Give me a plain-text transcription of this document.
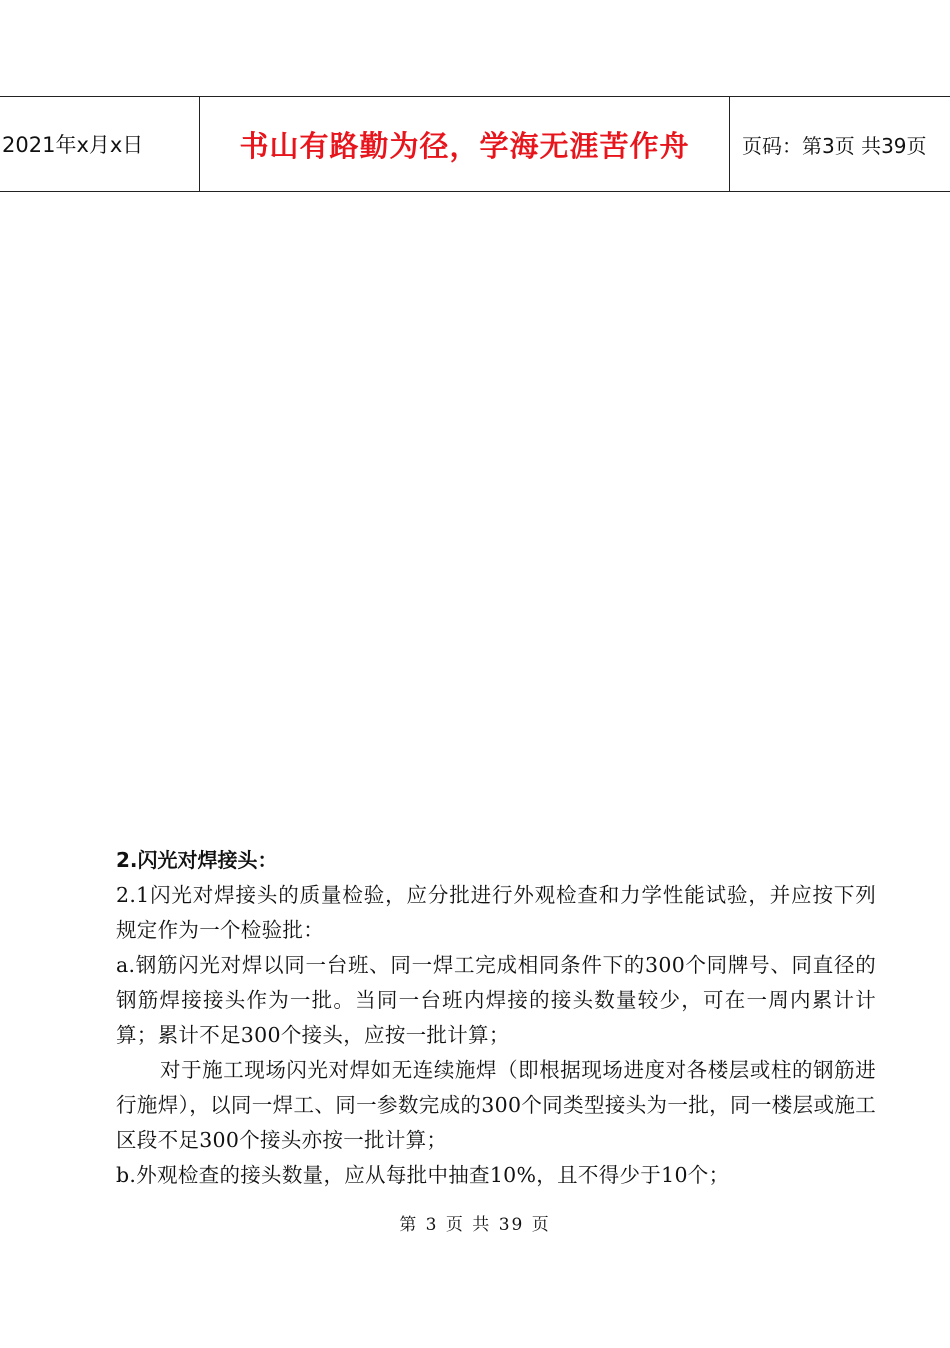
2021年x月x日	书山有路勤为径，学海无涯苦作舟	页码：第3页 共39页

2.闪光对焊接头：

2.1闪光对焊接头的质量检验，应分批进行外观检查和力学性能试验，并应按下列规定作为一个检验批：

a.钢筋闪光对焊以同一台班、同一焊工完成相同条件下的300个同牌号、同直径的钢筋焊接接头作为一批。当同一台班内焊接的接头数量较少，可在一周内累计计算；累计不足300个接头，应按一批计算；

对于施工现场闪光对焊如无连续施焊（即根据现场进度对各楼层或柱的钢筋进行施焊），以同一焊工、同一参数完成的300个同类型接头为一批，同一楼层或施工区段不足300个接头亦按一批计算；

b.外观检查的接头数量，应从每批中抽查10%，且不得少于10个；

第 3 页 共 39 页
